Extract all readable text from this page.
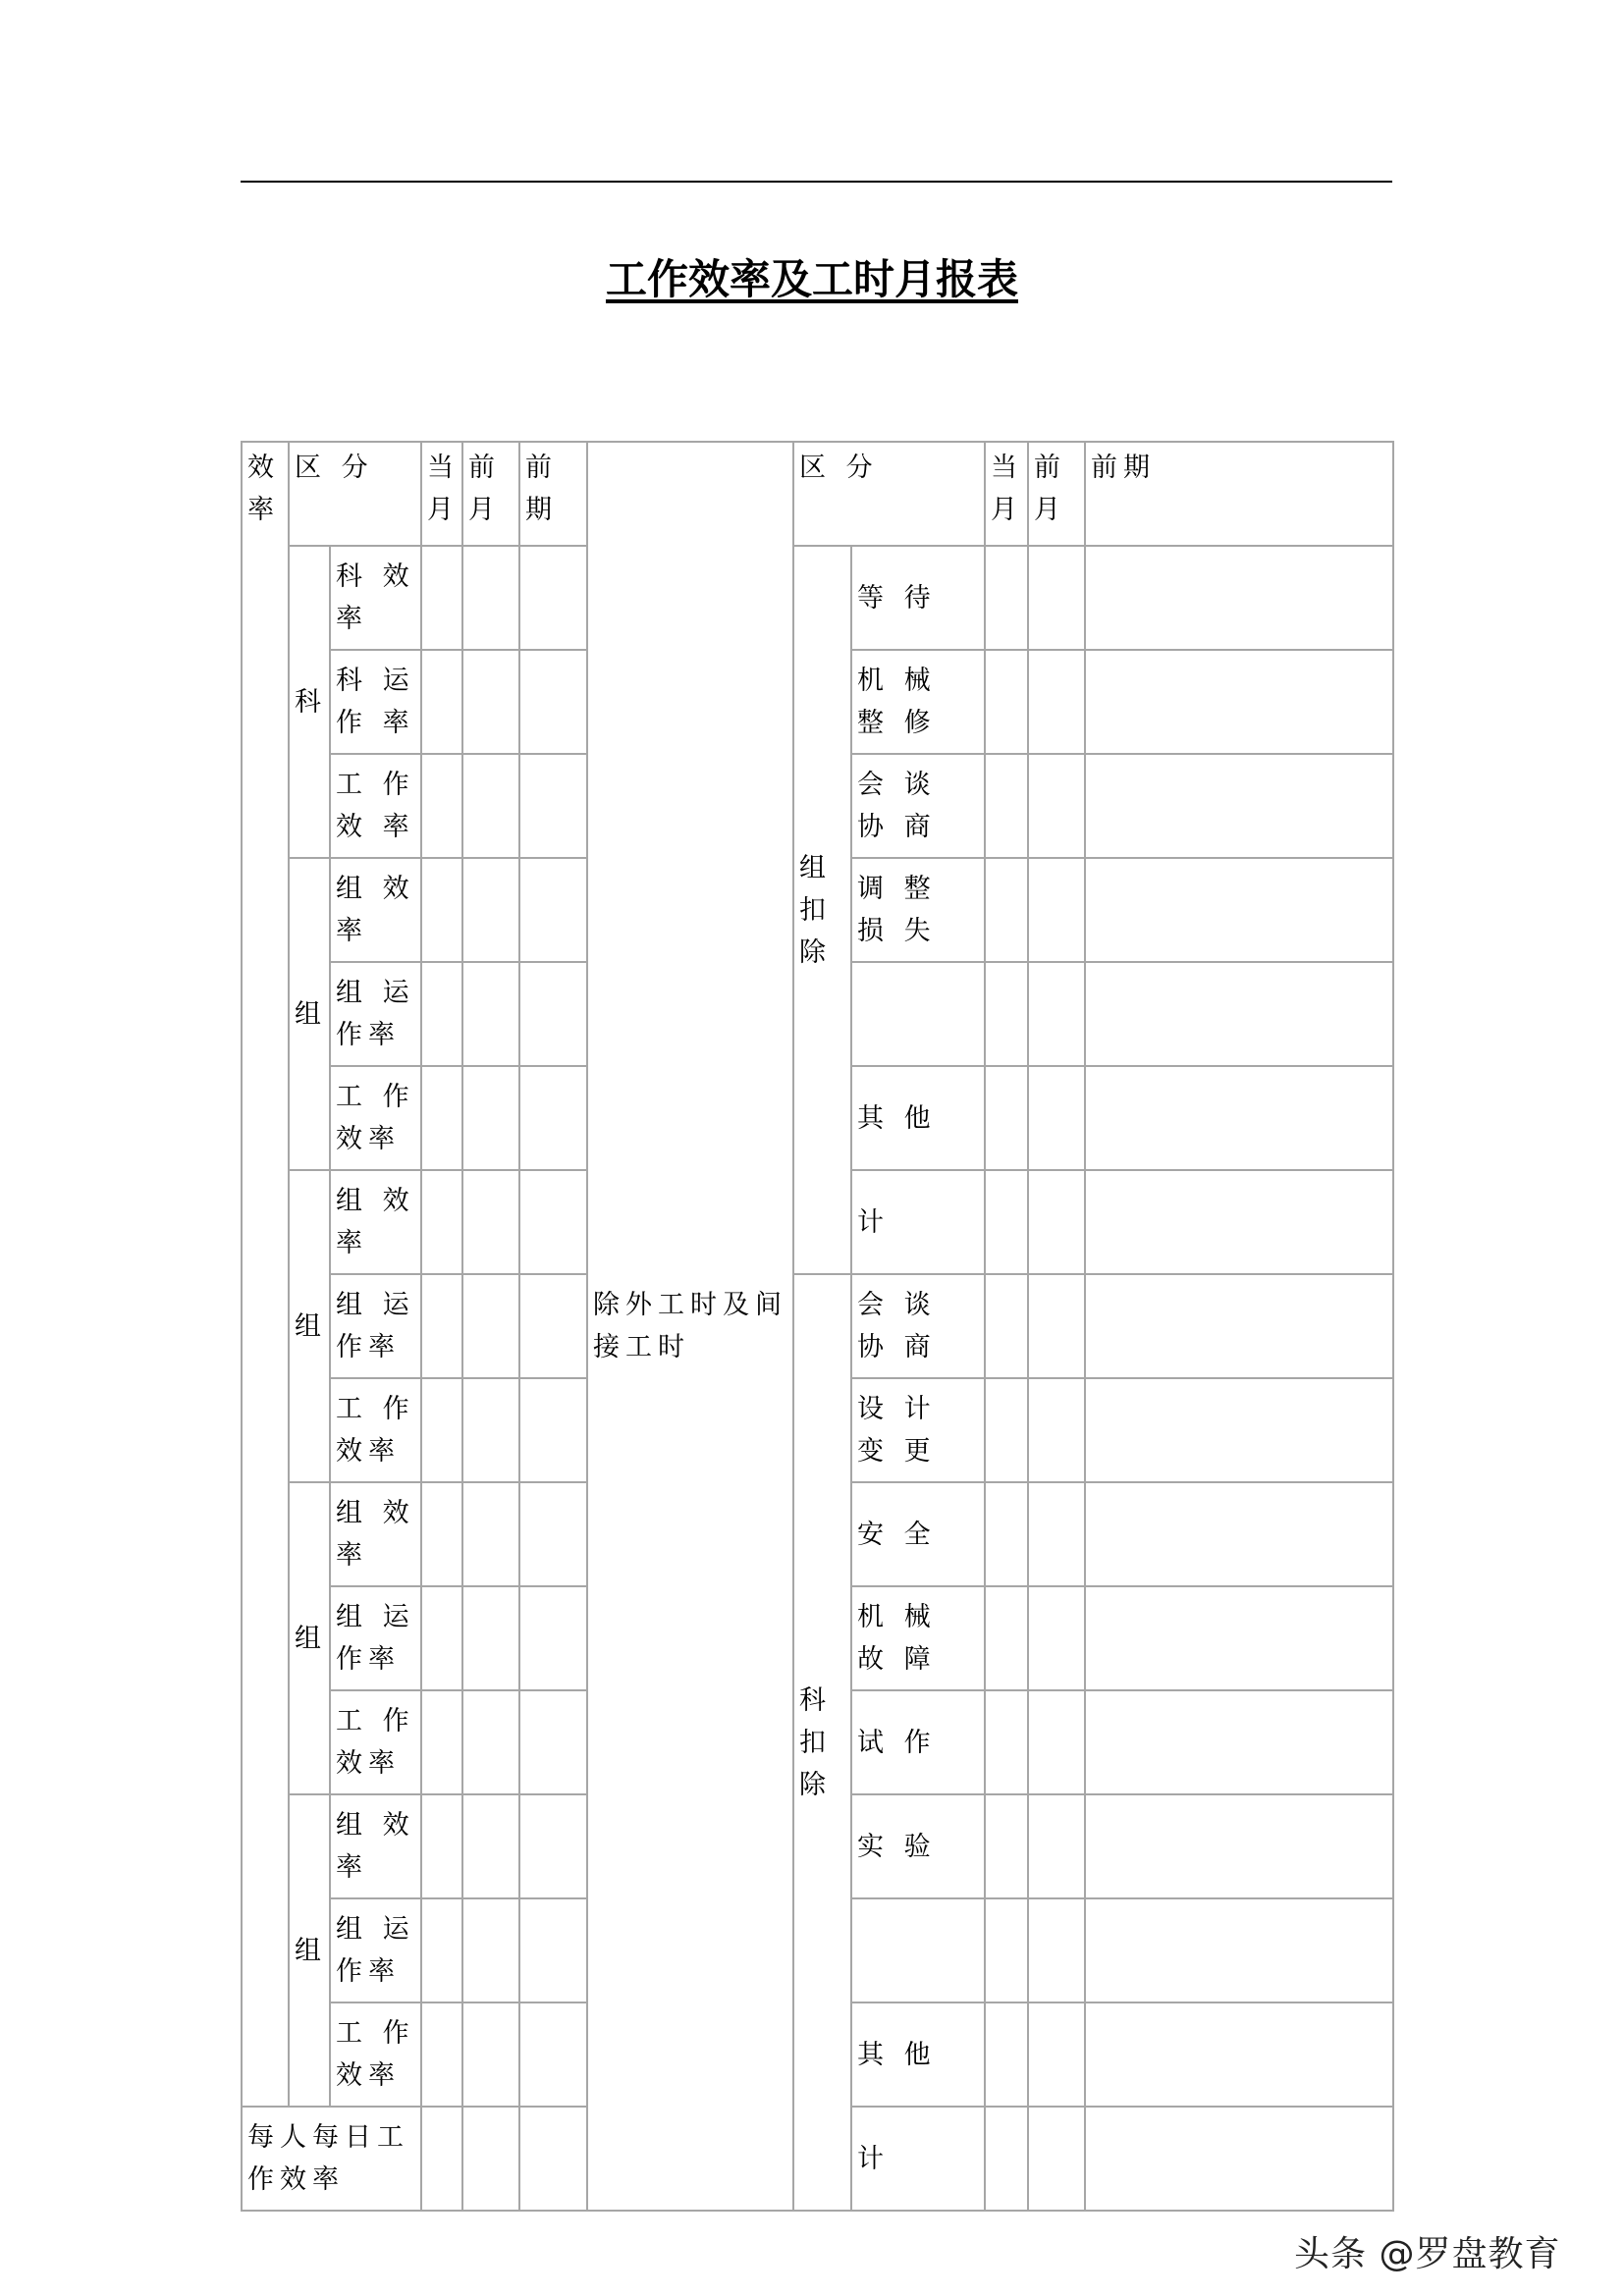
工作效率及工时月报表
效率	区 分		当月	前月	前期	除外工时及间接工时	区 分		当月	前月	前期
	科	科 效 率					组扣除	等 待			
		科 运 作 率						机 械 整 修			
		工 作 效 率						会 谈 协 商			
	组	组 效 率						调 整 损 失			
		组 运 作率									
		工 作 效率						其 他			
	组	组 效 率						计			
		组 运 作率					科扣除	会 谈 协 商			
		工 作 效率						设 计 变 更			
	组	组 效 率						安 全			
		组 运 作率						机 械 故 障			
		工 作 效率						试 作			
	组	组 效 率						实 验			
		组 运 作率									
		工 作 效率						其 他			
每人每日工作效率								计			
头条 @罗盘教育
